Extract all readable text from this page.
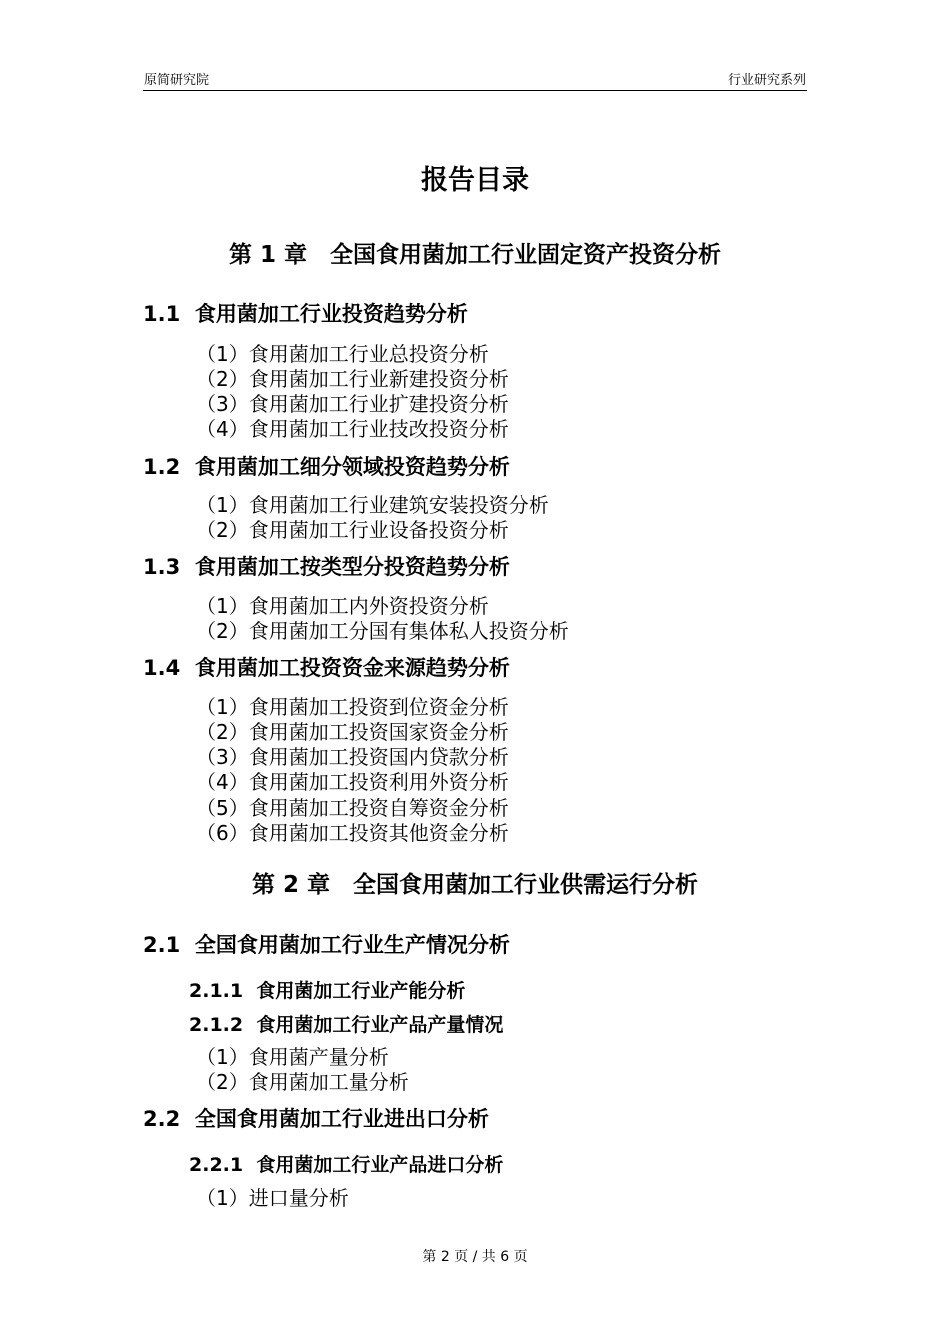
原简研究院	行业研究系列
报告目录
第 1 章　全国食用菌加工行业固定资产投资分析
1.1  食用菌加工行业投资趋势分析
（1）食用菌加工行业总投资分析
（2）食用菌加工行业新建投资分析
（3）食用菌加工行业扩建投资分析
（4）食用菌加工行业技改投资分析
1.2  食用菌加工细分领域投资趋势分析
（1）食用菌加工行业建筑安装投资分析
（2）食用菌加工行业设备投资分析
1.3  食用菌加工按类型分投资趋势分析
（1）食用菌加工内外资投资分析
（2）食用菌加工分国有集体私人投资分析
1.4  食用菌加工投资资金来源趋势分析
（1）食用菌加工投资到位资金分析
（2）食用菌加工投资国家资金分析
（3）食用菌加工投资国内贷款分析
（4）食用菌加工投资利用外资分析
（5）食用菌加工投资自筹资金分析
（6）食用菌加工投资其他资金分析
第 2 章　全国食用菌加工行业供需运行分析
2.1  全国食用菌加工行业生产情况分析
2.1.1  食用菌加工行业产能分析
2.1.2  食用菌加工行业产品产量情况
（1）食用菌产量分析
（2）食用菌加工量分析
2.2  全国食用菌加工行业进出口分析
2.2.1  食用菌加工行业产品进口分析
（1）进口量分析
第 2 页 / 共 6 页
